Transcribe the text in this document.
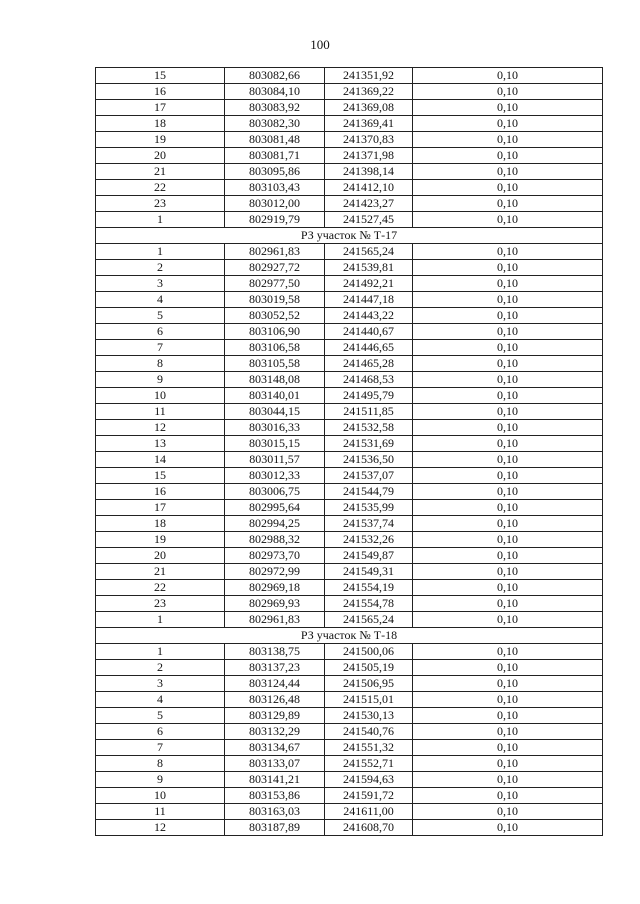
100
15	803082,66	241351,92	0,10
16	803084,10	241369,22	0,10
17	803083,92	241369,08	0,10
18	803082,30	241369,41	0,10
19	803081,48	241370,83	0,10
20	803081,71	241371,98	0,10
21	803095,86	241398,14	0,10
22	803103,43	241412,10	0,10
23	803012,00	241423,27	0,10
1	802919,79	241527,45	0,10
РЗ участок № Т-17			
1	802961,83	241565,24	0,10
2	802927,72	241539,81	0,10
3	802977,50	241492,21	0,10
4	803019,58	241447,18	0,10
5	803052,52	241443,22	0,10
6	803106,90	241440,67	0,10
7	803106,58	241446,65	0,10
8	803105,58	241465,28	0,10
9	803148,08	241468,53	0,10
10	803140,01	241495,79	0,10
11	803044,15	241511,85	0,10
12	803016,33	241532,58	0,10
13	803015,15	241531,69	0,10
14	803011,57	241536,50	0,10
15	803012,33	241537,07	0,10
16	803006,75	241544,79	0,10
17	802995,64	241535,99	0,10
18	802994,25	241537,74	0,10
19	802988,32	241532,26	0,10
20	802973,70	241549,87	0,10
21	802972,99	241549,31	0,10
22	802969,18	241554,19	0,10
23	802969,93	241554,78	0,10
1	802961,83	241565,24	0,10
РЗ участок № Т-18			
1	803138,75	241500,06	0,10
2	803137,23	241505,19	0,10
3	803124,44	241506,95	0,10
4	803126,48	241515,01	0,10
5	803129,89	241530,13	0,10
6	803132,29	241540,76	0,10
7	803134,67	241551,32	0,10
8	803133,07	241552,71	0,10
9	803141,21	241594,63	0,10
10	803153,86	241591,72	0,10
11	803163,03	241611,00	0,10
12	803187,89	241608,70	0,10
